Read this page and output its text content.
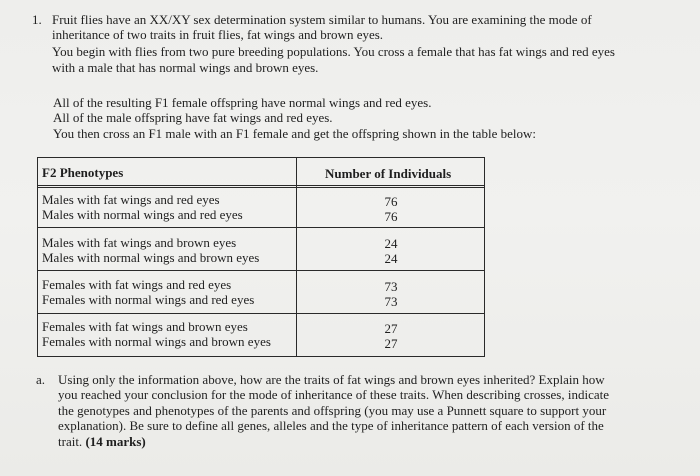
1. Fruit flies have an XX/XY sex determination system similar to humans. You are examining the mode of
inheritance of two traits in fruit flies, fat wings and brown eyes.
You begin with flies from two pure breeding populations. You cross a female that has fat wings and red eyes
with a male that has normal wings and brown eyes.
All of the resulting F1 female offspring have normal wings and red eyes.
All of the male offspring have fat wings and red eyes.
You then cross an F1 male with an F1 female and get the offspring shown in the table below:
F2 Phenotypes	Number of Individuals
Males with fat wings and red eyes
Males with normal wings and red eyes
76
76
Males with fat wings and brown eyes
Males with normal wings and brown eyes
24
24
Females with fat wings and red eyes
Females with normal wings and red eyes
73
73
Females with fat wings and brown eyes
Females with normal wings and brown eyes
27
27
a. Using only the information above, how are the traits of fat wings and brown eyes inherited? Explain how
you reached your conclusion for the mode of inheritance of these traits. When describing crosses, indicate
the genotypes and phenotypes of the parents and offspring (you may use a Punnett square to support your
explanation). Be sure to define all genes, alleles and the type of inheritance pattern of each version of the
trait. (14 marks)
